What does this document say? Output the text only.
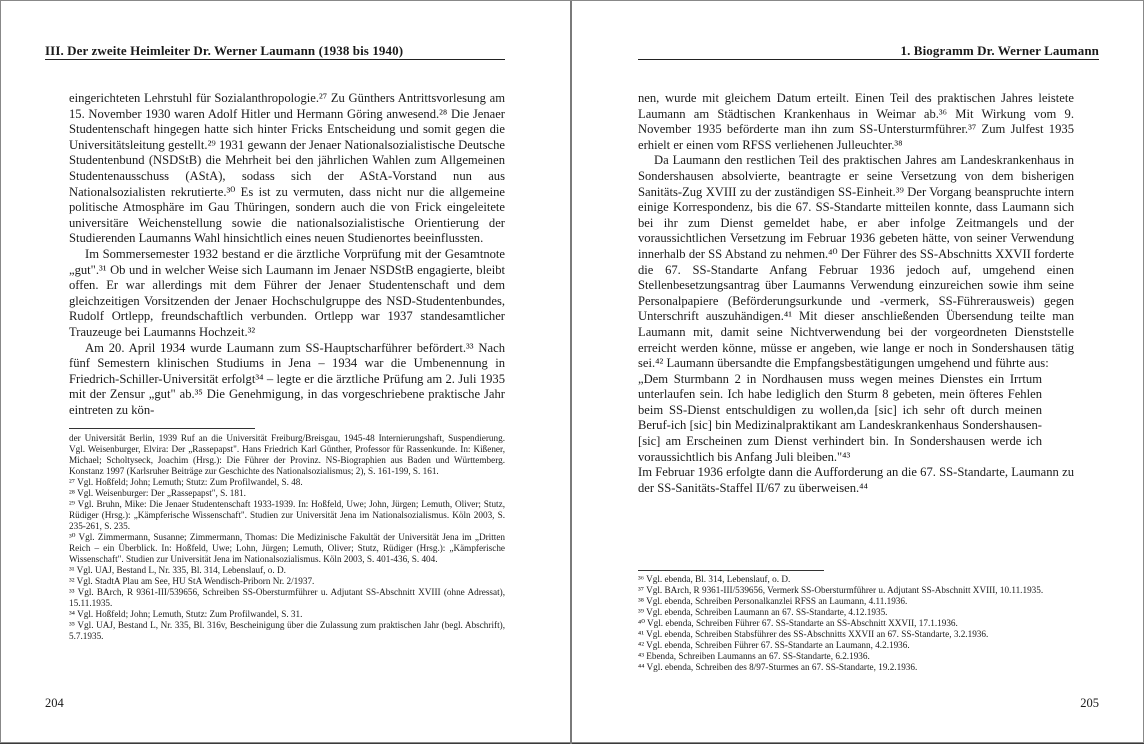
III. Der zweite Heimleiter Dr. Werner Laumann (1938 bis 1940)

eingerichteten Lehrstuhl für Sozialanthropologie.²⁷ Zu Günthers Antrittsvorlesung am 15. November 1930 waren Adolf Hitler und Hermann Göring anwesend.²⁸ Die Jenaer Studentenschaft hingegen hatte sich hinter Fricks Entscheidung und somit gegen die Universitätsleitung gestellt.²⁹ 1931 gewann der Jenaer Nationalsozialistische Deutsche Studentenbund (NSDStB) die Mehrheit bei den jährlichen Wahlen zum Allgemeinen Studentenausschuss (AStA), sodass sich der AStA-Vorstand nun aus Nationalsozialisten rekrutierte.³⁰ Es ist zu vermuten, dass nicht nur die allgemeine politische Atmosphäre im Gau Thüringen, sondern auch die von Frick eingeleitete universitäre Weichenstellung sowie die nationalsozialistische Orientierung der Studierenden Laumanns Wahl hinsichtlich eines neuen Studienortes beeinflussten.

Im Sommersemester 1932 bestand er die ärztliche Vorprüfung mit der Gesamtnote „gut".³¹ Ob und in welcher Weise sich Laumann im Jenaer NSDStB engagierte, bleibt offen. Er war allerdings mit dem Führer der Jenaer Studentenschaft und dem gleichzeitigen Vorsitzenden der Jenaer Hochschulgruppe des NSD-Studentenbundes, Rudolf Ortlepp, freundschaftlich verbunden. Ortlepp war 1937 standesamtlicher Trauzeuge bei Laumanns Hochzeit.³²

Am 20. April 1934 wurde Laumann zum SS-Hauptscharführer befördert.³³ Nach fünf Semestern klinischen Studiums in Jena – 1934 war die Umbenennung in Friedrich-Schiller-Universität erfolgt³⁴ – legte er die ärztliche Prüfung am 2. Juli 1935 mit der Zensur „gut" ab.³⁵ Die Genehmigung, in das vorgeschriebene praktische Jahr eintreten zu kön-

der Universität Berlin, 1939 Ruf an die Universität Freiburg/Breisgau, 1945-48 Internierungshaft, Suspendierung. Vgl. Weisenburger, Elvira: Der „Rassepapst". Hans Friedrich Karl Günther, Professor für Rassenkunde. In: Kißener, Michael; Scholtyseck, Joachim (Hrsg.): Die Führer der Provinz. NS-Biographien aus Baden und Württemberg. Konstanz 1997 (Karlsruher Beiträge zur Geschichte des Nationalsozialismus; 2), S. 161-199, S. 161.

²⁷ Vgl. Hoßfeld; John; Lemuth; Stutz: Zum Profilwandel, S. 48.

²⁸ Vgl. Weisenburger: Der „Rassepapst", S. 181.

²⁹ Vgl. Bruhn, Mike: Die Jenaer Studentenschaft 1933-1939. In: Hoßfeld, Uwe; John, Jürgen; Lemuth, Oliver; Stutz, Rüdiger (Hrsg.): „Kämpferische Wissenschaft". Studien zur Universität Jena im Nationalsozialismus. Köln 2003, S. 235-261, S. 235.

³⁰ Vgl. Zimmermann, Susanne; Zimmermann, Thomas: Die Medizinische Fakultät der Universität Jena im „Dritten Reich – ein Überblick. In: Hoßfeld, Uwe; Lohn, Jürgen; Lemuth, Oliver; Stutz, Rüdiger (Hrsg.): „Kämpferische Wissenschaft". Studien zur Universität Jena im Nationalsozialismus. Köln 2003, S. 401-436, S. 404.

³¹ Vgl. UAJ, Bestand L, Nr. 335, Bl. 314, Lebenslauf, o. D.

³² Vgl. StadtA Plau am See, HU StA Wendisch-Priborn Nr. 2/1937.

³³ Vgl. BArch, R 9361-III/539656, Schreiben SS-Obersturmführer u. Adjutant SS-Abschnitt XVIII (ohne Adressat), 15.11.1935.

³⁴ Vgl. Hoßfeld; John; Lemuth, Stutz: Zum Profilwandel, S. 31.

³⁵ Vgl. UAJ, Bestand L, Nr. 335, Bl. 316v, Bescheinigung über die Zulassung zum praktischen Jahr (begl. Abschrift), 5.7.1935.

204
1. Biogramm Dr. Werner Laumann

nen, wurde mit gleichem Datum erteilt. Einen Teil des praktischen Jahres leistete Laumann am Städtischen Krankenhaus in Weimar ab.³⁶ Mit Wirkung vom 9. November 1935 beförderte man ihn zum SS-Untersturmführer.³⁷ Zum Julfest 1935 erhielt er einen vom RFSS verliehenen Julleuchter.³⁸

Da Laumann den restlichen Teil des praktischen Jahres am Landeskrankenhaus in Sondershausen absolvierte, beantragte er seine Versetzung von dem bisherigen Sanitäts-Zug XVIII zu der zuständigen SS-Einheit.³⁹ Der Vorgang beanspruchte intern einige Korrespondenz, bis die 67. SS-Standarte mitteilen konnte, dass Laumann sich bei ihr zum Dienst gemeldet habe, er aber infolge Zeitmangels und der voraussichtlichen Versetzung im Februar 1936 gebeten hätte, von seiner Verwendung innerhalb der SS Abstand zu nehmen.⁴⁰ Der Führer des SS-Abschnitts XXVII forderte die 67. SS-Standarte Anfang Februar 1936 jedoch auf, umgehend einen Stellenbesetzungsantrag über Laumanns Verwendung einzureichen sowie ihm seine Personalpapiere (Beförderungsurkunde und -vermerk, SS-Führerausweis) gegen Unterschrift auszuhändigen.⁴¹ Mit dieser anschließenden Übersendung teilte man Laumann mit, damit seine Nichtverwendung bei der vorgeordneten Dienststelle erreicht werden könne, müsse er angeben, wie lange er noch in Sondershausen tätig sei.⁴² Laumann übersandte die Empfangsbestätigungen umgehend und führte aus:

„Dem Sturmbann 2 in Nordhausen muss wegen meines Dienstes ein Irrtum unterlaufen sein. Ich habe lediglich den Sturm 8 gebeten, mein öfteres Fehlen beim SS-Dienst entschuldigen zu wollen,da [sic] ich sehr oft durch meinen Beruf-ich [sic] bin Medizinalpraktikant am Landeskrankenhaus Sondershausen- [sic] am Erscheinen zum Dienst verhindert bin. In Sondershausen werde ich voraussichtlich bis Anfang Juli bleiben."⁴³

Im Februar 1936 erfolgte dann die Aufforderung an die 67. SS-Standarte, Laumann zu der SS-Sanitäts-Staffel II/67 zu überweisen.⁴⁴

³⁶ Vgl. ebenda, Bl. 314, Lebenslauf, o. D.

³⁷ Vgl. BArch, R 9361-III/539656, Vermerk SS-Obersturmführer u. Adjutant SS-Abschnitt XVIII, 10.11.1935.

³⁸ Vgl. ebenda, Schreiben Personalkanzlei RFSS an Laumann, 4.11.1936.

³⁹ Vgl. ebenda, Schreiben Laumann an 67. SS-Standarte, 4.12.1935.

⁴⁰ Vgl. ebenda, Schreiben Führer 67. SS-Standarte an SS-Abschnitt XXVII, 17.1.1936.

⁴¹ Vgl. ebenda, Schreiben Stabsführer des SS-Abschnitts XXVII an 67. SS-Standarte, 3.2.1936.

⁴² Vgl. ebenda, Schreiben Führer 67. SS-Standarte an Laumann, 4.2.1936.

⁴³ Ebenda, Schreiben Laumanns an 67. SS-Standarte, 6.2.1936.

⁴⁴ Vgl. ebenda, Schreiben des 8/97-Sturmes an 67. SS-Standarte, 19.2.1936.

205
